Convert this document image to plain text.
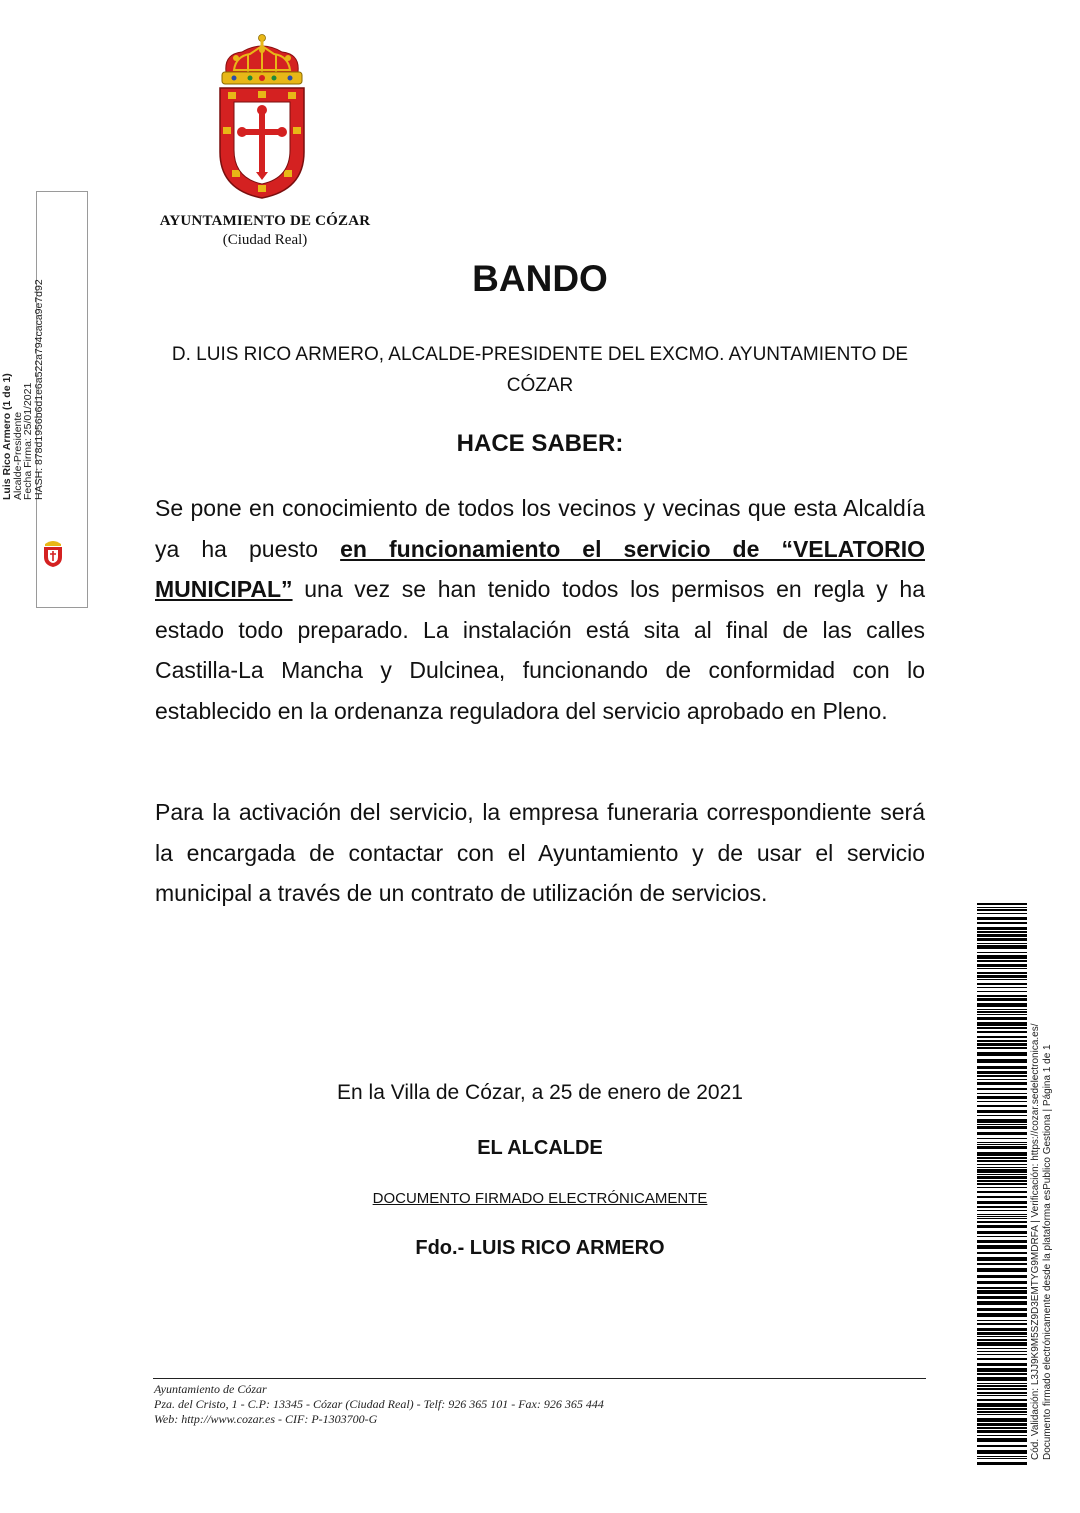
AYUNTAMIENTO DE CÓZAR
(Ciudad Real)
Luis Rico Armero (1 de 1)
Alcalde-Presidente
Fecha Firma: 25/01/2021
HASH: 878d1956b6d1e6a522a794caca9e7d92
BANDO
D. LUIS RICO ARMERO, ALCALDE-PRESIDENTE DEL EXCMO. AYUNTAMIENTO DE CÓZAR
HACE SABER:
Se pone en conocimiento de todos los vecinos y vecinas que esta Alcaldía ya ha puesto en funcionamiento el servicio de “VELATORIO MUNICIPAL” una vez se han tenido todos los permisos en regla y ha estado todo preparado. La instalación está sita al final de las calles Castilla-La Mancha y Dulcinea, funcionando de conformidad con lo establecido en la ordenanza reguladora del servicio aprobado en Pleno.
Para la activación del servicio, la empresa funeraria correspondiente será la encargada de contactar con el Ayuntamiento y de usar el servicio municipal a través de un contrato de utilización de servicios.
En la Villa de Cózar, a 25 de enero de 2021
EL ALCALDE
DOCUMENTO FIRMADO ELECTRÓNICAMENTE
Fdo.- LUIS RICO ARMERO
Ayuntamiento de Cózar
Pza. del Cristo, 1 - C.P: 13345 - Cózar (Ciudad Real) - Telf: 926 365 101 - Fax: 926 365 444
Web: http://www.cozar.es - CIF: P-1303700-G	Cód. Validación: L3JJ9K9M5SZ9D3EMTYG9MDRFA | Verificación: https://cozar.sedelectronica.es/ Documento firmado electrónicamente desde la plataforma esPublico Gestiona | Página 1 de 1
